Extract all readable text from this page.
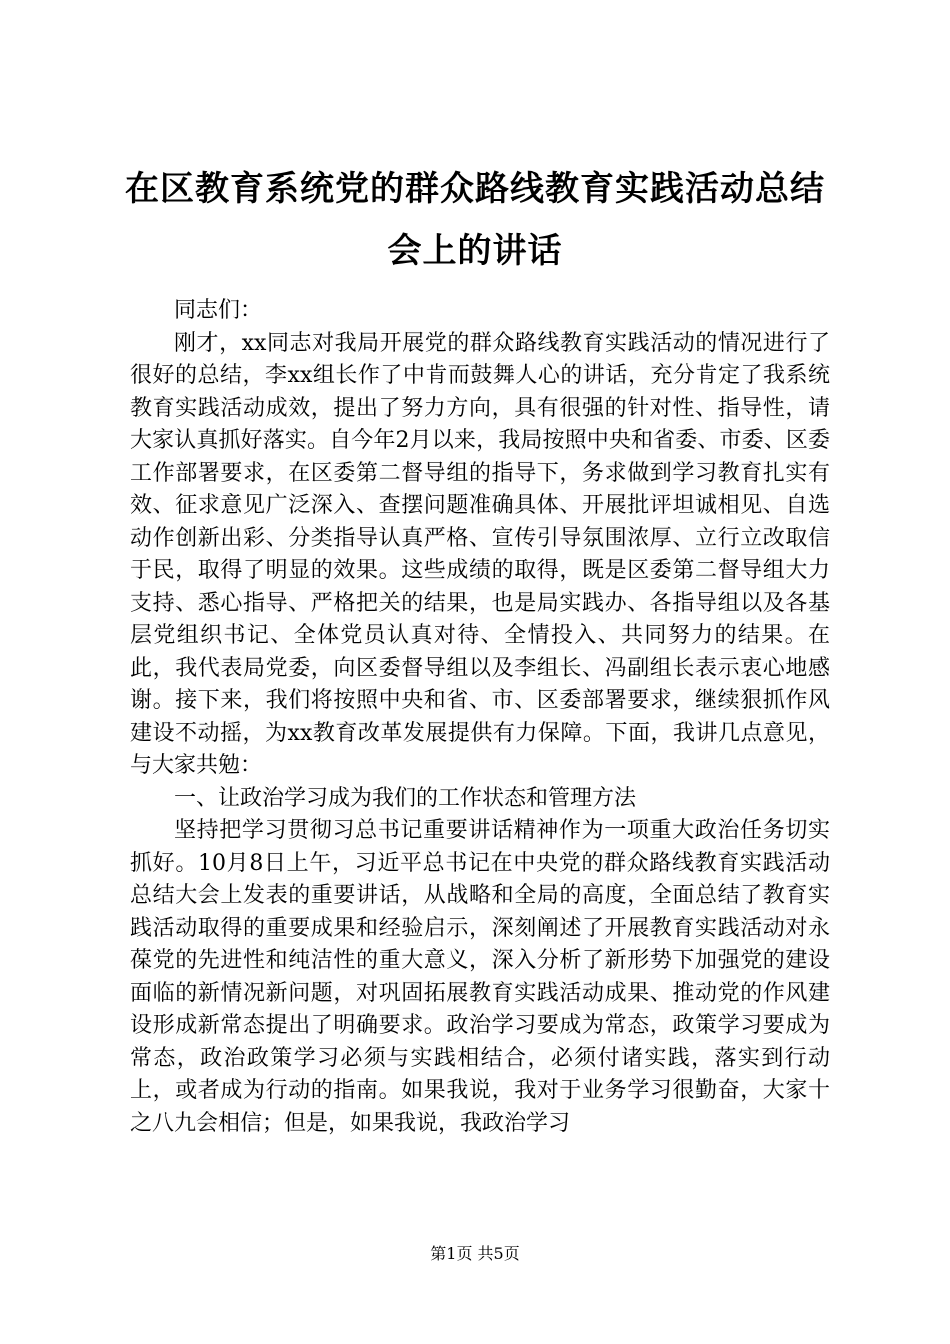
在区教育系统党的群众路线教育实践活动总结会上的讲话

同志们：

刚才，xx同志对我局开展党的群众路线教育实践活动的情况进行了很好的总结，李xx组长作了中肯而鼓舞人心的讲话，充分肯定了我系统教育实践活动成效，提出了努力方向，具有很强的针对性、指导性，请大家认真抓好落实。自今年2月以来，我局按照中央和省委、市委、区委工作部署要求，在区委第二督导组的指导下，务求做到学习教育扎实有效、征求意见广泛深入、查摆问题准确具体、开展批评坦诚相见、自选动作创新出彩、分类指导认真严格、宣传引导氛围浓厚、立行立改取信于民，取得了明显的效果。这些成绩的取得，既是区委第二督导组大力支持、悉心指导、严格把关的结果，也是局实践办、各指导组以及各基层党组织书记、全体党员认真对待、全情投入、共同努力的结果。在此，我代表局党委，向区委督导组以及李组长、冯副组长表示衷心地感谢。接下来，我们将按照中央和省、市、区委部署要求，继续狠抓作风建设不动摇，为xx教育改革发展提供有力保障。下面，我讲几点意见，与大家共勉：

一、让政治学习成为我们的工作状态和管理方法

坚持把学习贯彻习总书记重要讲话精神作为一项重大政治任务切实抓好。10月8日上午，习近平总书记在中央党的群众路线教育实践活动总结大会上发表的重要讲话，从战略和全局的高度，全面总结了教育实践活动取得的重要成果和经验启示，深刻阐述了开展教育实践活动对永葆党的先进性和纯洁性的重大意义，深入分析了新形势下加强党的建设面临的新情况新问题，对巩固拓展教育实践活动成果、推动党的作风建设形成新常态提出了明确要求。政治学习要成为常态，政策学习要成为常态，政治政策学习必须与实践相结合，必须付诸实践，落实到行动上，或者成为行动的指南。如果我说，我对于业务学习很勤奋，大家十之八九会相信；但是，如果我说，我政治学习

第1页 共5页
